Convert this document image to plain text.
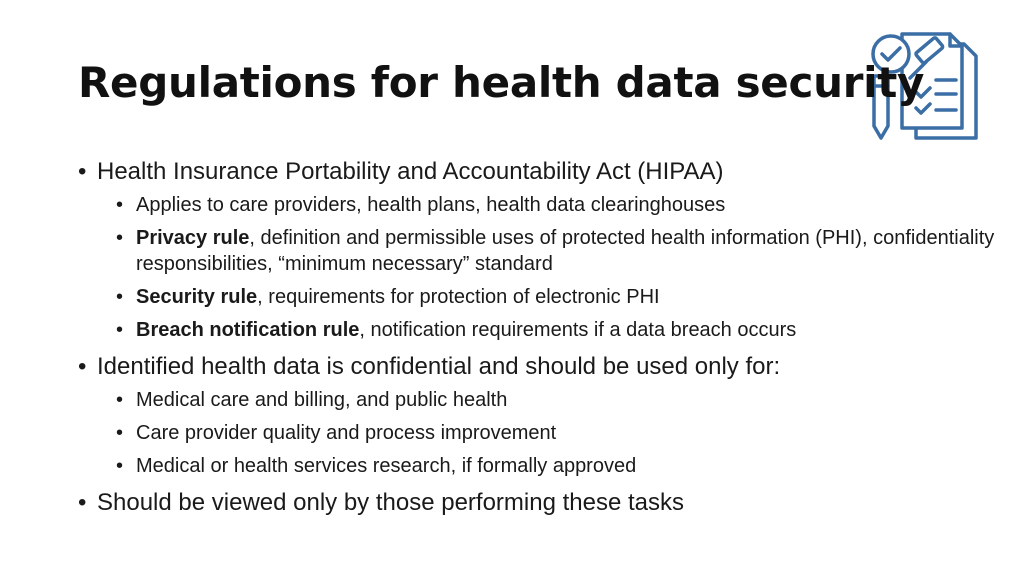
Regulations for health data security
• Health Insurance Portability and Accountability Act (HIPAA)
• Applies to care providers, health plans, health data clearinghouses
• Privacy rule, definition and permissible uses of protected health information (PHI), confidentiality responsibilities, “minimum necessary” standard
• Security rule, requirements for protection of electronic PHI
• Breach notification rule, notification requirements if a data breach occurs
• Identified health data is confidential and should be used only for:
• Medical care and billing, and public health
• Care provider quality and process improvement
• Medical or health services research, if formally approved
• Should be viewed only by those performing these tasks
